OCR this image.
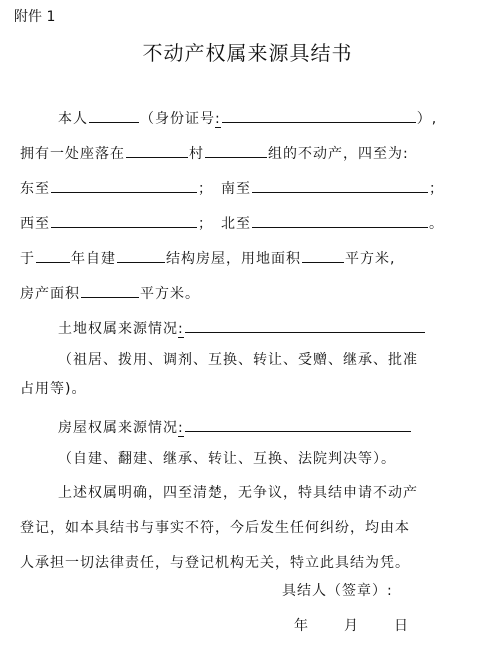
附件 1
不动产权属来源具结书
本人	（身份证号:	）,
拥有一处座落在	村	组的不动产，四至为:
东至	； 南至	；
西至	； 北至	。
于	年自建	结构房屋，用地面积	平方米,
房产面积	平方米。
土地权属来源情况:
（祖居、拨用、调剂、互换、转让、受赠、继承、批准
占用等)。
房屋权属来源情况:
（自建、翻建、继承、转让、互换、法院判决等）。
上述权属明确，四至清楚，无争议，特具结申请不动产
登记，如本具结书与事实不符，今后发生任何纠纷，均由本
人承担一切法律责任，与登记机构无关，特立此具结为凭。
具结人（签章）:
年	月	日
